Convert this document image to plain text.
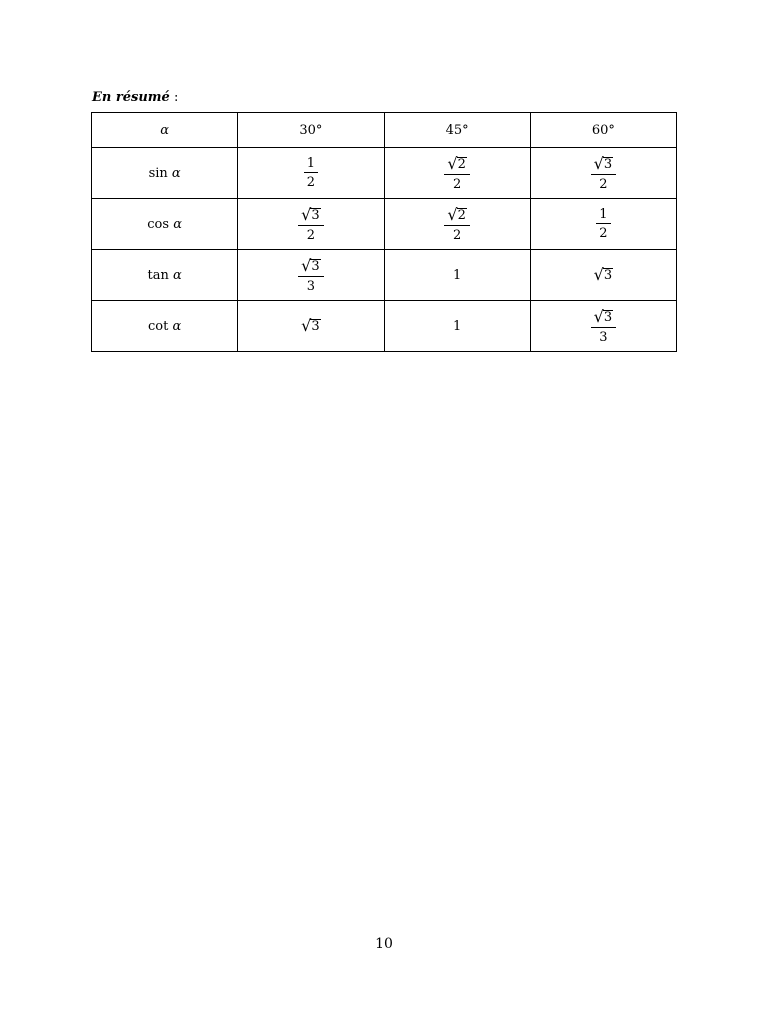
En résumé :
α	30°	45°	60°
sin α	$\frac{1}{2}$	$\frac{√ 2}{2}$	$\frac{√ 3}{2}$

cos α	$\frac{√ 3}{2}$	$\frac{√ 2}{2}$	$\frac{1}{2}$

tan α	$\frac{√ 3}{3}$	1	√ 3

cot α	√ 3	1	$\frac{√ 3}{3}$
10
